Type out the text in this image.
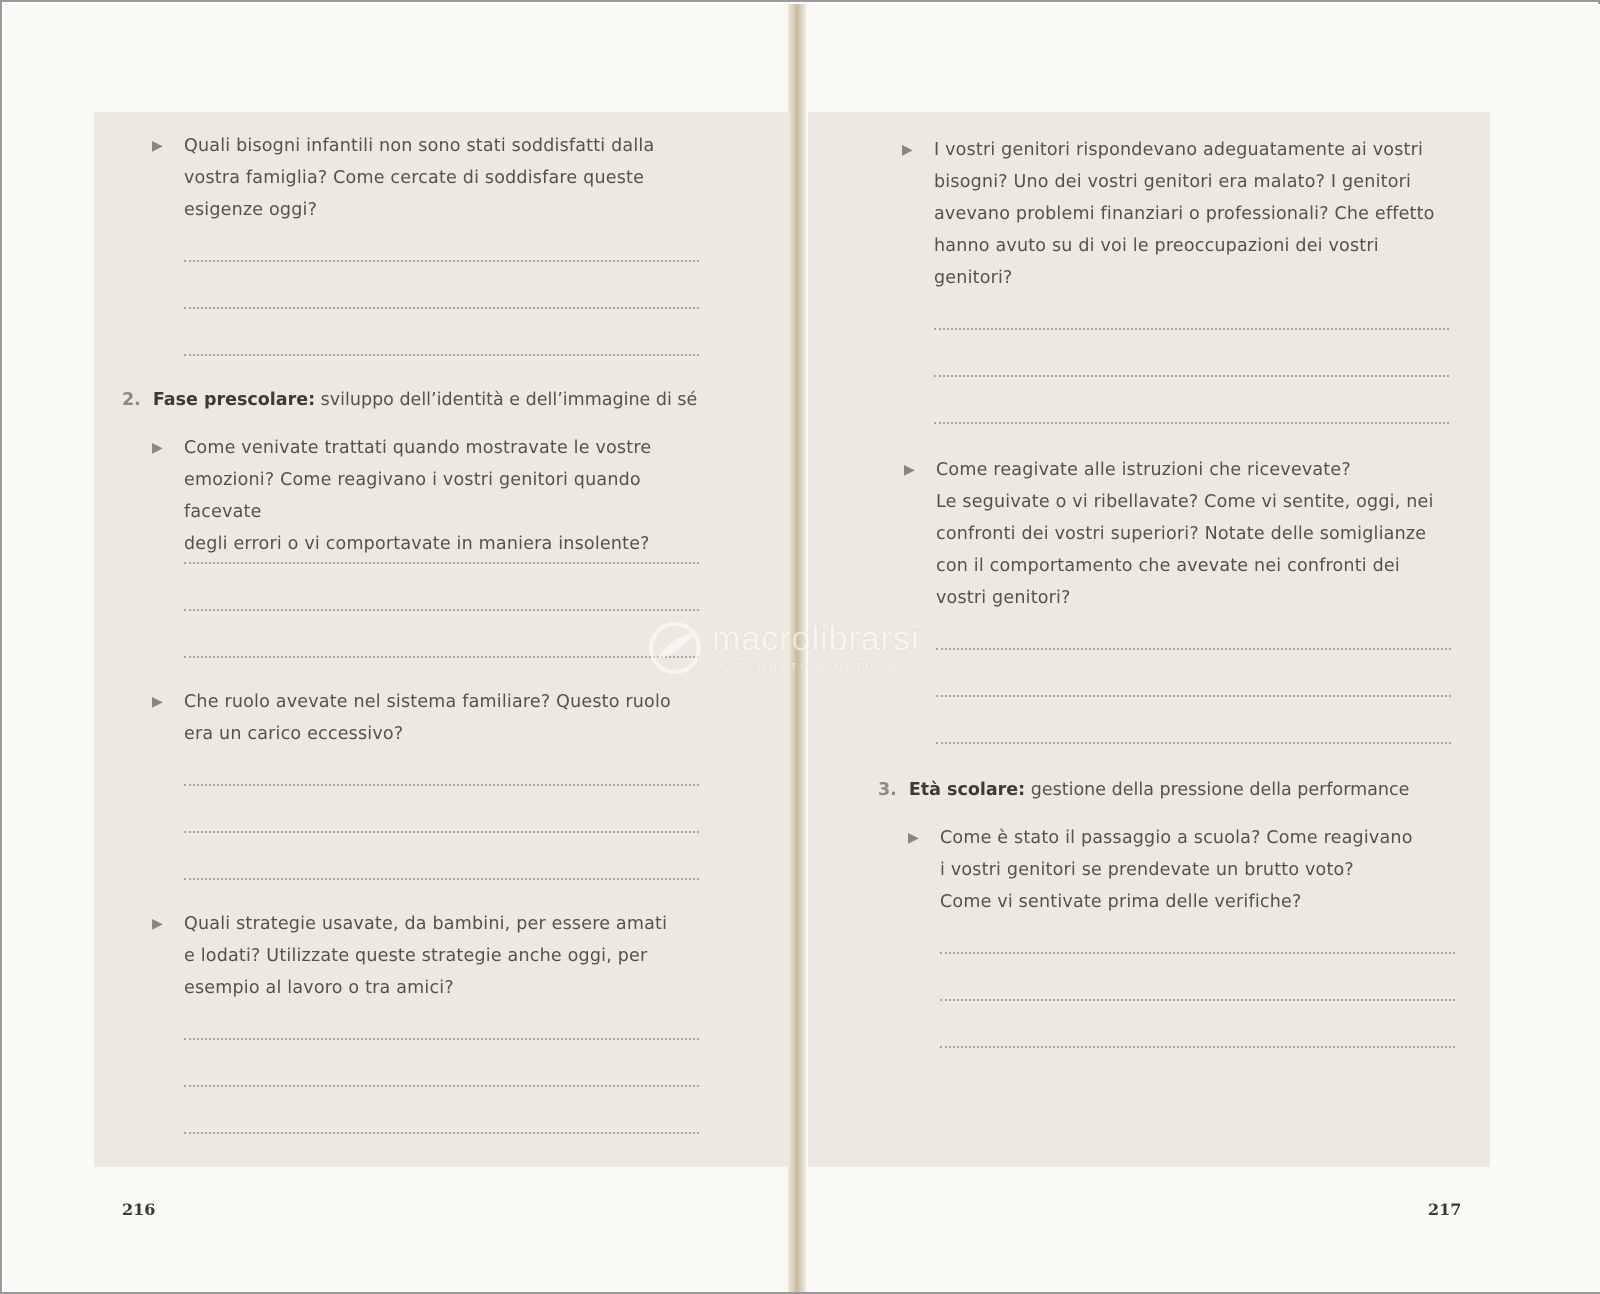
▶ Quali bisogni infantili non sono stati soddisfatti dalla
vostra famiglia? Come cercate di soddisfare queste
esigenze oggi?
2. Fase prescolare: sviluppo dell’identità e dell’immagine di sé
▶ Come venivate trattati quando mostravate le vostre
emozioni? Come reagivano i vostri genitori quando facevate
degli errori o vi comportavate in maniera insolente?
▶ Che ruolo avevate nel sistema familiare? Questo ruolo
era un carico eccessivo?
▶ Quali strategie usavate, da bambini, per essere amati
e lodati? Utilizzate queste strategie anche oggi, per
esempio al lavoro o tra amici?
216
▶ I vostri genitori rispondevano adeguatamente ai vostri
bisogni? Uno dei vostri genitori era malato? I genitori
avevano problemi finanziari o professionali? Che effetto
hanno avuto su di voi le preoccupazioni dei vostri
genitori?
▶ Come reagivate alle istruzioni che ricevevate?
Le seguivate o vi ribellavate? Come vi sentite, oggi, nei
confronti dei vostri superiori? Notate delle somiglianze
con il comportamento che avevate nei confronti dei
vostri genitori?
3. Età scolare: gestione della pressione della performance
▶ Come è stato il passaggio a scuola? Come reagivano
i vostri genitori se prendevate un brutto voto?
Come vi sentivate prima delle verifiche?
217
macrolibrarsi
ALTERNATIVA NATURALE
